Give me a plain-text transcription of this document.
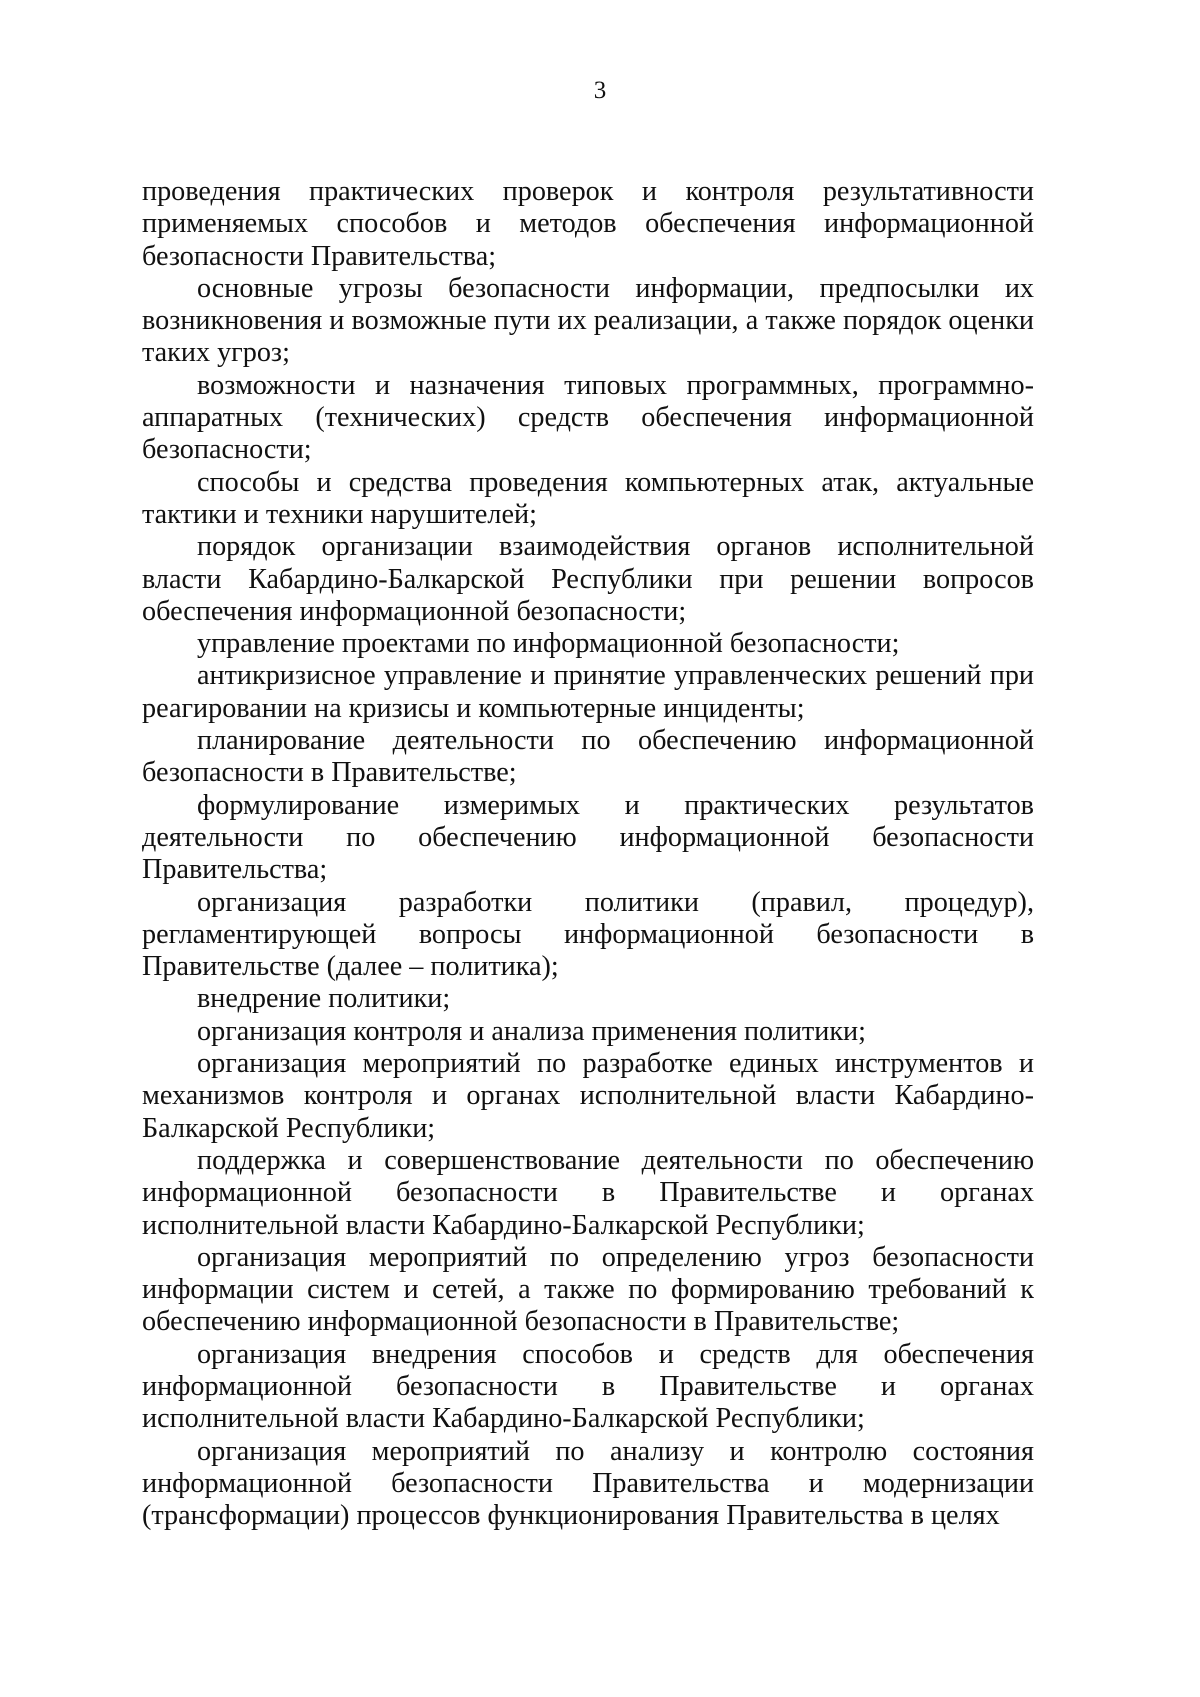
3

проведения практических проверок и контроля результативности применяемых способов и методов обеспечения информационной безопасности Правительства;

основные угрозы безопасности информации, предпосылки их возникновения и возможные пути их реализации, а также порядок оценки таких угроз;

возможности и назначения типовых программных, программно-аппаратных (технических) средств обеспечения информационной безопасности;

способы и средства проведения компьютерных атак, актуальные тактики и техники нарушителей;

порядок организации взаимодействия органов исполнительной власти Кабардино-Балкарской Республики при решении вопросов обеспечения информационной безопасности;

управление проектами по информационной безопасности;

антикризисное управление и принятие управленческих решений при реагировании на кризисы и компьютерные инциденты;

планирование деятельности по обеспечению информационной безопасности в Правительстве;

формулирование измеримых и практических результатов деятельности по обеспечению информационной безопасности Правительства;

организация разработки политики (правил, процедур), регламентирующей вопросы информационной безопасности в Правительстве (далее – политика);

внедрение политики;

организация контроля и анализа применения политики;

организация мероприятий по разработке единых инструментов и механизмов контроля и органах исполнительной власти Кабардино-Балкарской Республики;

поддержка и совершенствование деятельности по обеспечению информационной безопасности в Правительстве и органах исполнительной власти Кабардино-Балкарской Республики;

организация мероприятий по определению угроз безопасности информации систем и сетей, а также по формированию требований к обеспечению информационной безопасности в Правительстве;

организация внедрения способов и средств для обеспечения информационной безопасности в Правительстве и органах исполнительной власти Кабардино-Балкарской Республики;

организация мероприятий по анализу и контролю состояния информационной безопасности Правительства и модернизации (трансформации) процессов функционирования Правительства в целях
